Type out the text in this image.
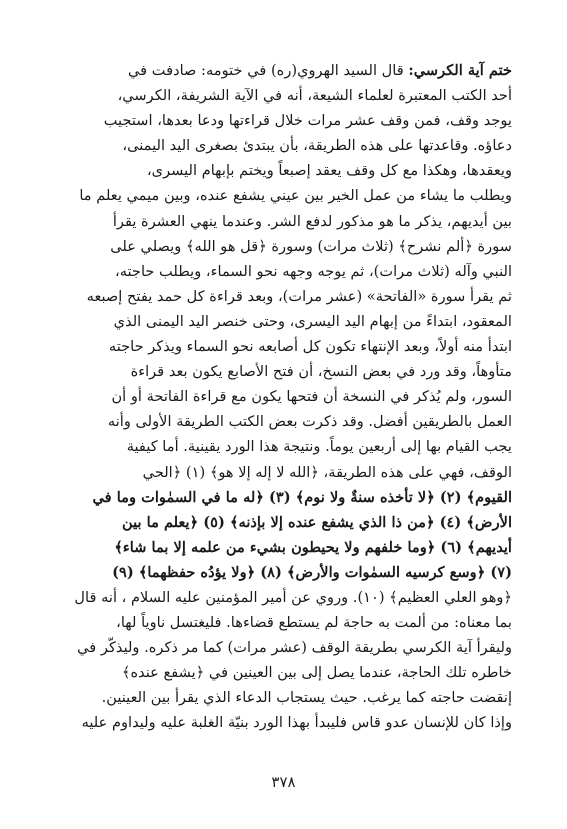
ختم آية الكرسي: قال السيد الهروي(ره) في ختومه: صادفت في
أحد الكتب المعتبرة لعلماء الشيعة، أنه في الآية الشريفة، الكرسي،
يوجد وقف، فمن وقف عشر مرات خلال قراءتها ودعا بعدها، استجيب
دعاؤه. وقاعدتها على هذه الطريقة، بأن يبتدئ بصغرى اليد اليمنى،
ويعقدها، وهكذا مع كل وقف يعقد إصبعاً ويختم بإبهام اليسرى،
ويطلب ما يشاء من عمل الخير بين عيني يشفع عنده، وبين ميمي يعلم ما
بين أيديهم، يذكر ما هو مذكور لدفع الشر. وعندما ينهي العشرة يقرأ
سورة ﴿ألم نشرح﴾ (ثلاث مرات) وسورة ﴿قل هو الله﴾ ويصلي على
النبي وآله (ثلاث مرات)، ثم يوجه وجهه نحو السماء، ويطلب حاجته،
ثم يقرأ سورة «الفاتحة» (عشر مرات)، وبعد قراءة كل حمد يفتح إصبعه
المعقود، ابتداءً من إبهام اليد اليسرى، وحتى خنصر اليد اليمنى الذي
ابتدأ منه أولاً، وبعد الإنتهاء تكون كل أصابعه نحو السماء ويذكر حاجته
متأوهاً، وقد ورد في بعض النسخ، أن فتح الأصابع يكون بعد قراءة
السور، ولم يُذكر في النسخة أن فتحها يكون مع قراءة الفاتحة أو أن
العمل بالطريقين أفضل. وقد ذكرت بعض الكتب الطريقة الأولى وأنه
يجب القيام بها إلى أربعين يوماً. ونتيجة هذا الورد يقينية. أما كيفية
الوقف، فهي على هذه الطريقة، ﴿الله لا إله إلا هو﴾ (١) ﴿الحي
القيوم﴾ (٢) ﴿لا تأخذه سنةٌ ولا نوم﴾ (٣) ﴿له ما في السمٰوات وما في
الأرض﴾ (٤) ﴿من ذا الذي يشفع عنده إلا بإذنه﴾ (٥) ﴿يعلم ما بين
أيديهم﴾ (٦) ﴿وما خلفهم ولا يحيطون بشيء من علمه إلا بما شاء﴾
(٧) ﴿وسع كرسيه السمٰوات والأرض﴾ (٨) ﴿ولا يؤدُه حفظهما﴾ (٩)
﴿وهو العلي العظيم﴾ (١٠). وروي عن أمير المؤمنين عليه السلام ، أنه قال
بما معناه: من ألمت به حاجة لم يستطع قضاءها. فليغتسل ناوياً لها،
وليقرأ آية الكرسي بطريقة الوقف (عشر مرات) كما مر ذكره. وليذكّر في
خاطره تلك الحاجة، عندما يصل إلى بين العينين في ﴿يشفع عنده﴾
إنقضت حاجته كما يرغب. حيث يستجاب الدعاء الذي يقرأ بين العينين.
وإذا كان للإنسان عدو قاس فليبدأ بهذا الورد بنيّة الغلبة عليه وليداوم عليه
٣٧٨
